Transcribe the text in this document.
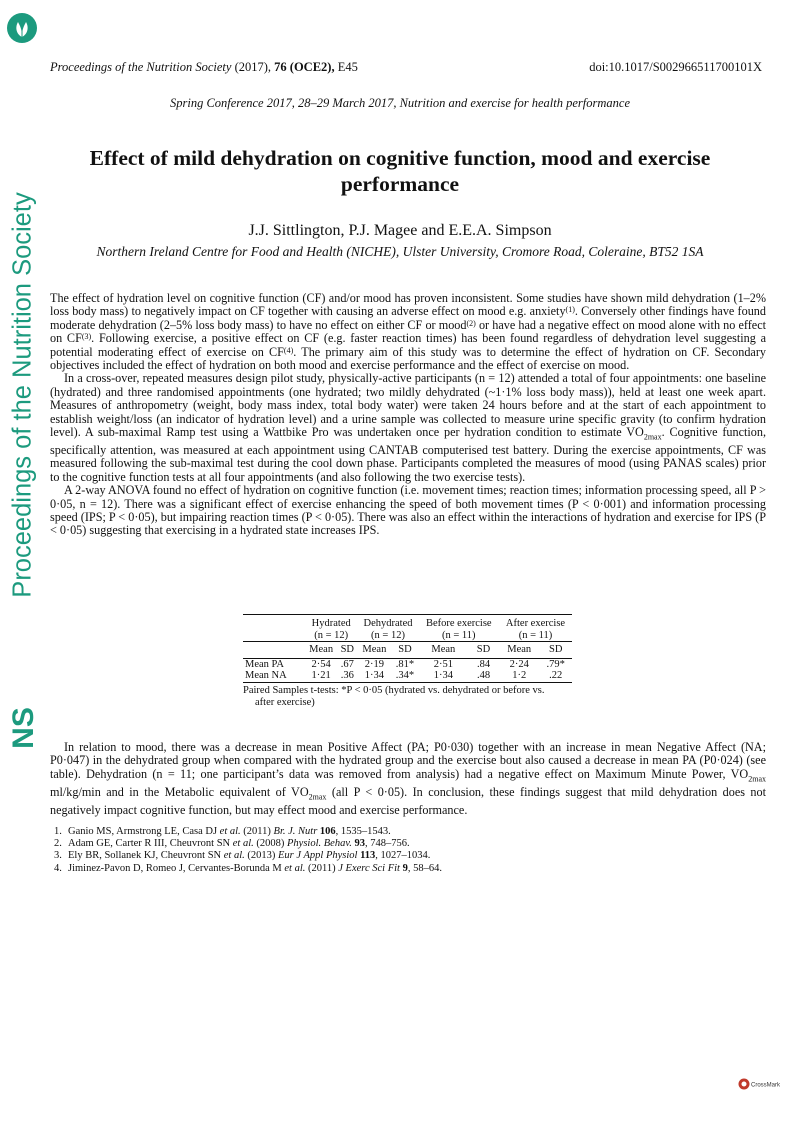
Proceedings of the Nutrition Society
NS
Proceedings of the Nutrition Society (2017), 76 (OCE2), E45	doi:10.1017/S002966511700101X
Spring Conference 2017, 28–29 March 2017, Nutrition and exercise for health performance
Effect of mild dehydration on cognitive function, mood and exercise performance
J.J. Sittlington, P.J. Magee and E.E.A. Simpson
Northern Ireland Centre for Food and Health (NICHE), Ulster University, Cromore Road, Coleraine, BT52 1SA

The effect of hydration level on cognitive function (CF) and/or mood has proven inconsistent. Some studies have shown mild dehydration (1–2% loss body mass) to negatively impact on CF together with causing an adverse effect on mood e.g. anxiety$^{(1)}$. Conversely other findings have found moderate dehydration (2–5% loss body mass) to have no effect on either CF or mood$^{(2)}$ or have had a negative effect on mood alone with no effect on CF$^{(3)}$. Following exercise, a positive effect on CF (e.g. faster reaction times) has been found regardless of dehydration level suggesting a potential moderating effect of exercise on CF$^{(4)}$. The primary aim of this study was to determine the effect of hydration on CF. Secondary objectives included the effect of hydration on both mood and exercise performance and the effect of exercise on mood.

In a cross-over, repeated measures design pilot study, physically-active participants (n = 12) attended a total of four appointments: one baseline (hydrated) and three randomised appointments (one hydrated; two mildly dehydrated (~1·1% loss body mass)), held at least one week apart. Measures of anthropometry (weight, body mass index, total body water) were taken 24 hours before and at the start of each appointment to establish weight/loss (an indicator of hydration level) and a urine sample was collected to measure urine specific gravity (to confirm hydration level). A sub-maximal Ramp test using a Wattbike Pro was undertaken once per hydration condition to estimate $VO_{2max}$. Cognitive function, specifically attention, was measured at each appointment using CANTAB computerised test battery. During the exercise appointments, CF was measured following the sub-maximal test during the cool down phase. Participants completed the measures of mood (using PANAS scales) prior to the cognitive function tests at all four appointments (and also following the two exercise tests).

A 2-way ANOVA found no effect of hydration on cognitive function (i.e. movement times; reaction times; information processing speed, all P > 0·05, n = 12). There was a significant effect of exercise enhancing the speed of both movement times (P < 0·001) and information processing speed (IPS; P < 0·05), but impairing reaction times (P < 0·05). There was also an effect within the interactions of hydration and exercise for IPS (P < 0·05) suggesting that exercising in a hydrated state increases IPS.

	Hydrated
(n = 12)		Dehydrated
(n = 12)		Before exercise
(n = 11)		After exercise
(n = 11)	
	Mean	SD	Mean	SD	Mean	SD	Mean	SD
Mean PA	2·54	.67	2·19	.81*	2·51	.84	2·24	.79*
Mean NA	1·21	.36	1·34	.34*	1·34	.48	1·2	.22
Paired Samples t-tests: *P < 0·05 (hydrated vs. dehydrated or before vs.
after exercise)

In relation to mood, there was a decrease in mean Positive Affect (PA; P0·030) together with an increase in mean Negative Affect (NA; P0·047) in the dehydrated group when compared with the hydrated group and the exercise bout also caused a decrease in mean PA (P0·024) (see table). Dehydration (n = 11; one participant’s data was removed from analysis) had a negative effect on Maximum Minute Power, $VO_{2max}$ ml/kg/min and in the Metabolic equivalent of $VO_{2max}$ (all P < 0·05). In conclusion, these findings suggest that mild dehydration does not negatively impact cognitive function, but may effect mood and exercise performance.

1. Ganio MS, Armstrong LE, Casa DJ et al. (2011) Br. J. Nutr 106, 1535–1543.
2. Adam GE, Carter R III, Cheuvront SN et al. (2008) Physiol. Behav. 93, 748–756.
3. Ely BR, Sollanek KJ, Cheuvront SN et al. (2013) Eur J Appl Physiol 113, 1027–1034.
4. Jiminez-Pavon D, Romeo J, Cervantes-Borunda M et al. (2011) J Exerc Sci Fit 9, 58–64.
CrossMark
